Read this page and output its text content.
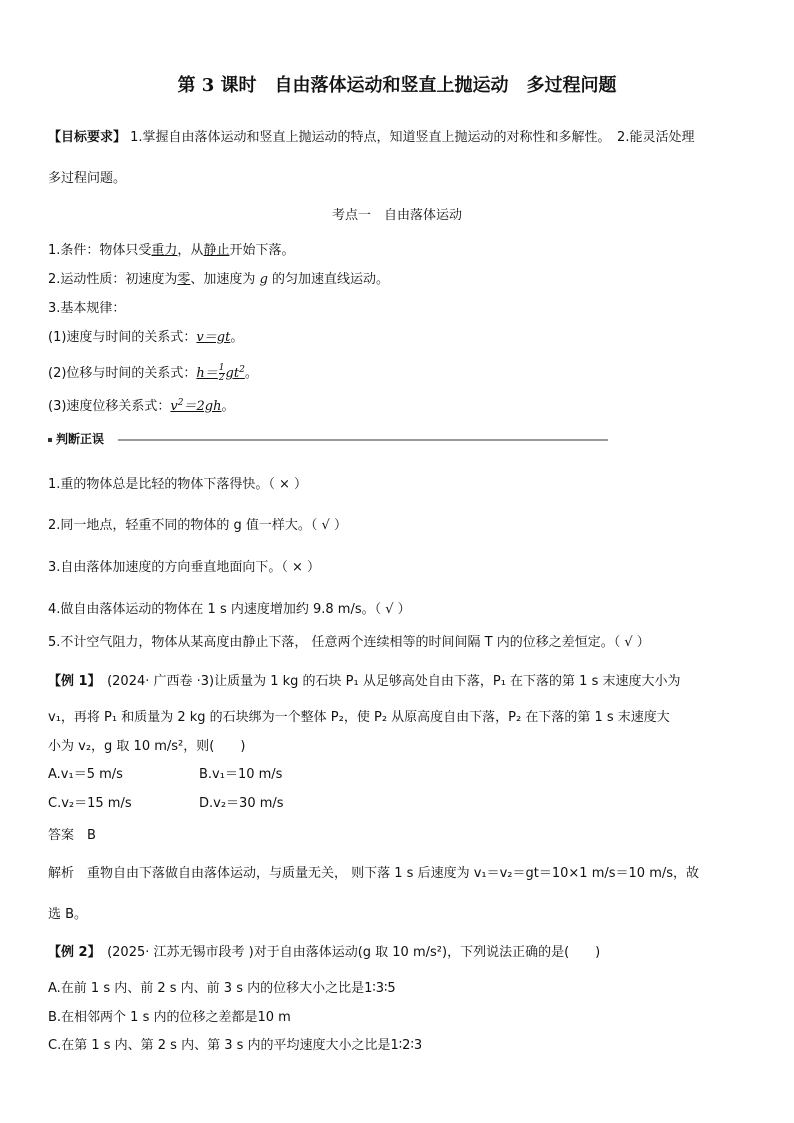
第 3 课时　自由落体运动和竖直上抛运动　多过程问题
【目标要求】 1.掌握自由落体运动和竖直上抛运动的特点，知道竖直上抛运动的对称性和多解性。　2.能灵活处理
多过程问题。
考点一　自由落体运动
1.条件：物体只受重力，从静止开始下落。
2.运动性质：初速度为零、加速度为 g 的匀加速直线运动。
3.基本规律：
(1)速度与时间的关系式：v＝gt。
(2)位移与时间的关系式：$h= \frac{1}{2} gt^2$。
(3)速度位移关系式：$v^2=2gh$。
判断正误
1.重的物体总是比轻的物体下落得快。（ × ）
2.同一地点，轻重不同的物体的 g 值一样大。（ √ ）
3.自由落体加速度的方向垂直地面向下。（ × ）
4.做自由落体运动的物体在 1 s 内速度增加约 9.8 m/s。（ √ ）
5.不计空气阻力，物体从某高度由静止下落， 任意两个连续相等的时间间隔 T 内的位移之差恒定。（ √ ）
【例 1】　(2024· 广西卷 ·3)让质量为 1 kg 的石块 P₁ 从足够高处自由下落，P₁ 在下落的第 1 s 末速度大小为
v₁，再将 P₁ 和质量为 2 kg 的石块绑为一个整体 P₂，使 P₂ 从原高度自由下落，P₂ 在下落的第 1 s 末速度大
小为 v₂，g 取 10 m/s²，则(　　)
A.v₁＝5 m/s	B.v₁＝10 m/s
C.v₂＝15 m/s	D.v₂＝30 m/s
答案　B
解析　重物自由下落做自由落体运动，与质量无关， 则下落 1 s 后速度为 v₁＝v₂＝gt＝10×1 m/s＝10 m/s，故
选 B。
【例 2】　(2025· 江苏无锡市段考 )对于自由落体运动(g 取 10 m/s²)，下列说法正确的是(　　)
A.在前 1 s 内、前 2 s 内、前 3 s 内的位移大小之比是1∶3∶5
B.在相邻两个 1 s 内的位移之差都是10 m
C.在第 1 s 内、第 2 s 内、第 3 s 内的平均速度大小之比是1∶2∶3
